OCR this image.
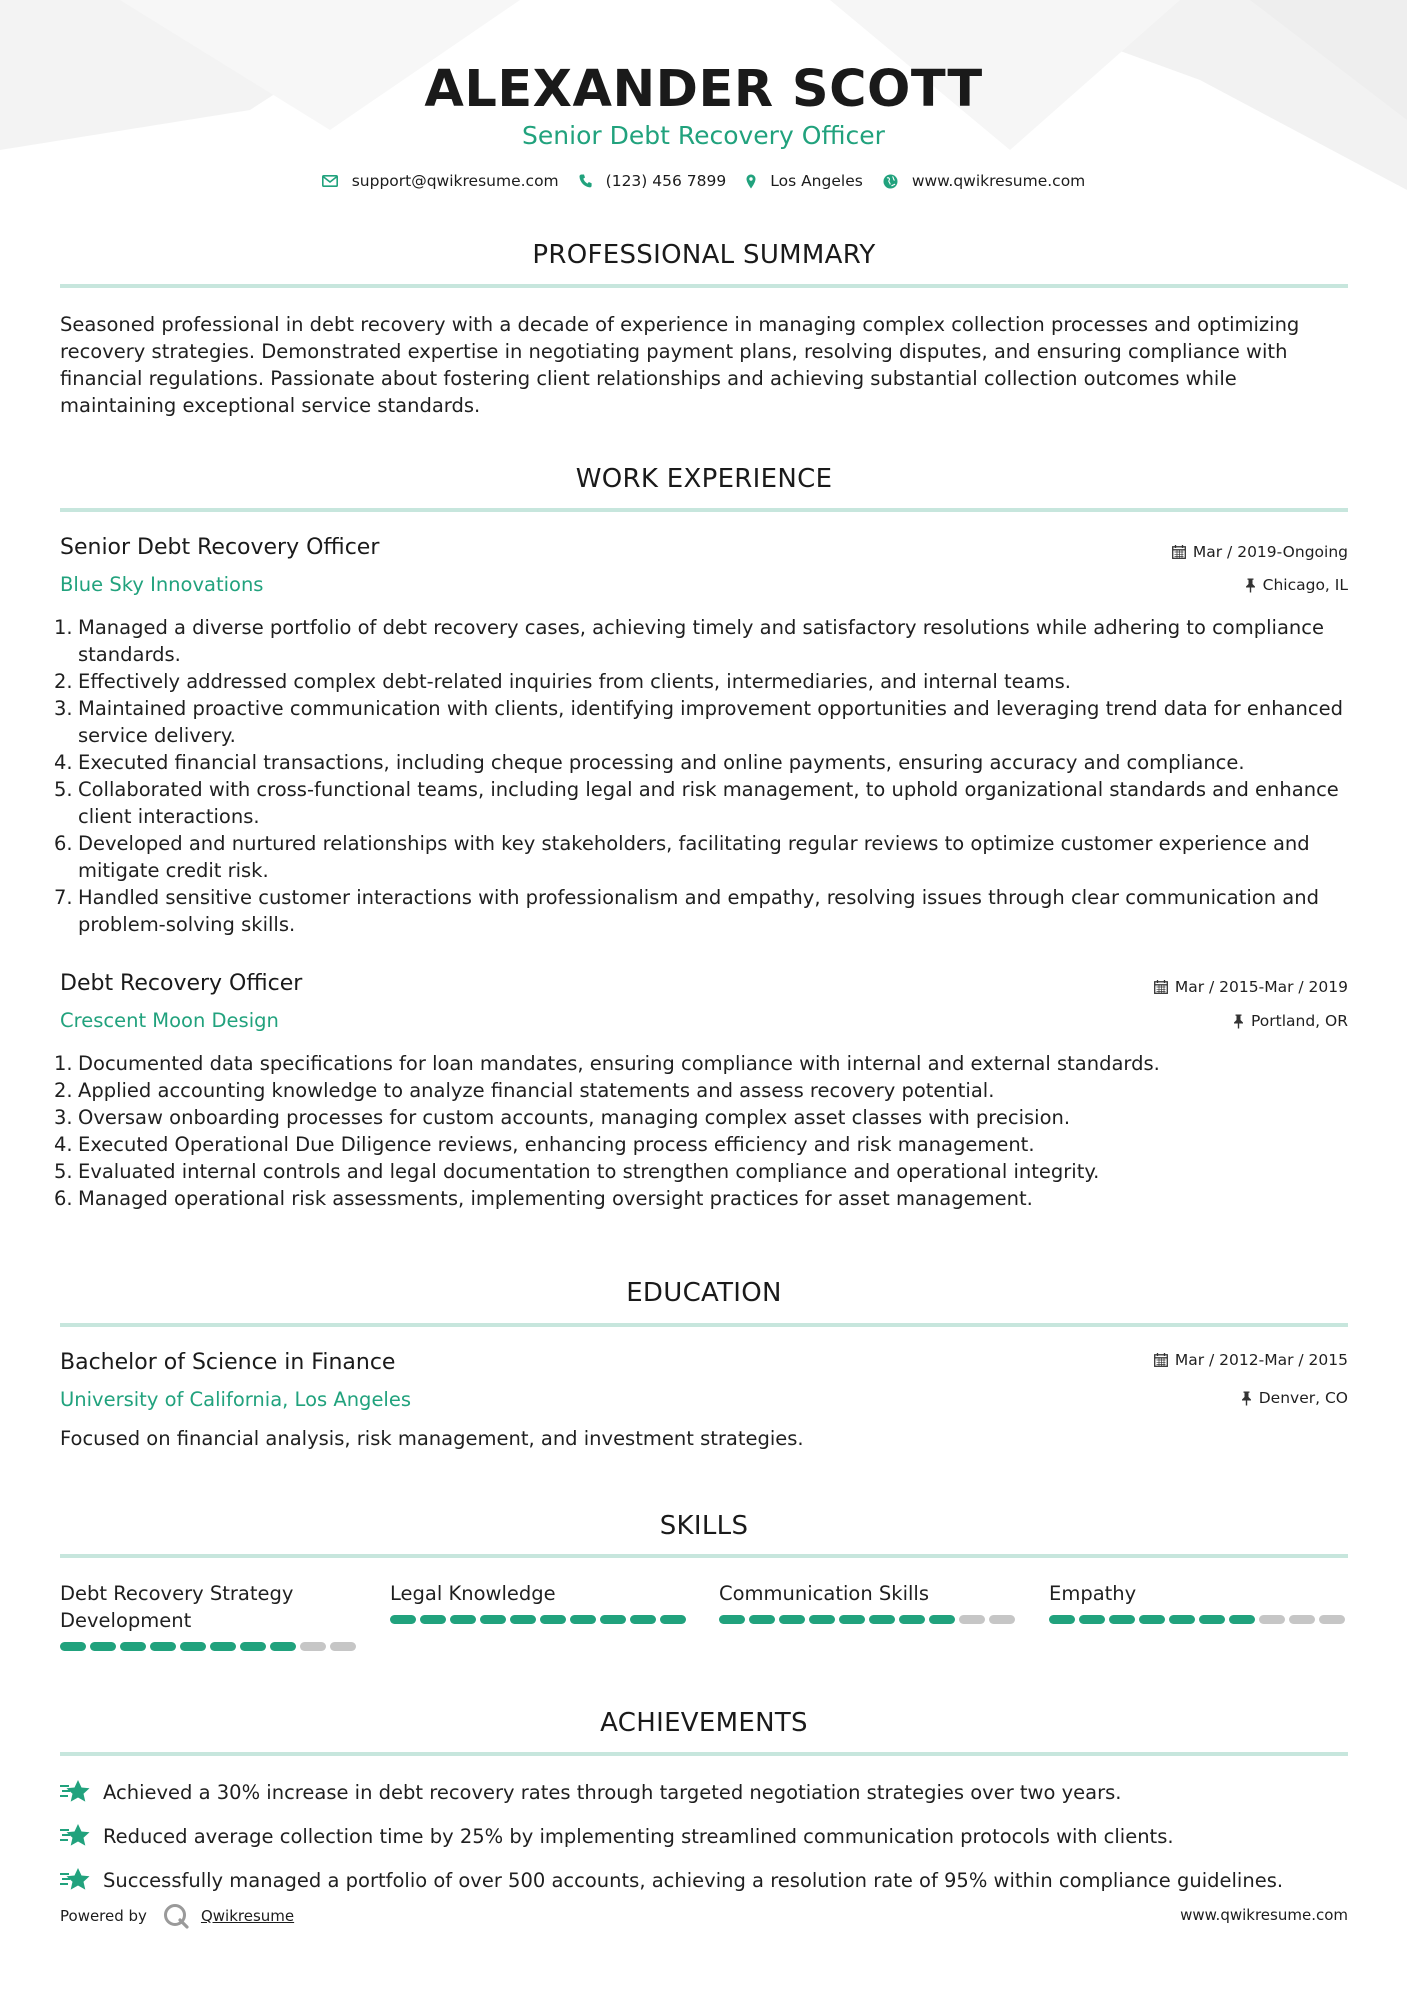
ALEXANDER SCOTT
Senior Debt Recovery Officer
support@qwikresume.com	(123) 456 7899	Los Angeles	www.qwikresume.com
PROFESSIONAL SUMMARY
Seasoned professional in debt recovery with a decade of experience in managing complex collection processes and optimizing recovery strategies. Demonstrated expertise in negotiating payment plans, resolving disputes, and ensuring compliance with financial regulations. Passionate about fostering client relationships and achieving substantial collection outcomes while maintaining exceptional service standards.
WORK EXPERIENCE
Senior Debt Recovery Officer	Mar / 2019-Ongoing
Blue Sky Innovations	Chicago, IL
1. Managed a diverse portfolio of debt recovery cases, achieving timely and satisfactory resolutions while adhering to compliance standards.
2. Effectively addressed complex debt-related inquiries from clients, intermediaries, and internal teams.
3. Maintained proactive communication with clients, identifying improvement opportunities and leveraging trend data for enhanced service delivery.
4. Executed financial transactions, including cheque processing and online payments, ensuring accuracy and compliance.
5. Collaborated with cross-functional teams, including legal and risk management, to uphold organizational standards and enhance client interactions.
6. Developed and nurtured relationships with key stakeholders, facilitating regular reviews to optimize customer experience and mitigate credit risk.
7. Handled sensitive customer interactions with professionalism and empathy, resolving issues through clear communication and problem-solving skills.
Debt Recovery Officer	Mar / 2015-Mar / 2019
Crescent Moon Design	Portland, OR
1. Documented data specifications for loan mandates, ensuring compliance with internal and external standards.
2. Applied accounting knowledge to analyze financial statements and assess recovery potential.
3. Oversaw onboarding processes for custom accounts, managing complex asset classes with precision.
4. Executed Operational Due Diligence reviews, enhancing process efficiency and risk management.
5. Evaluated internal controls and legal documentation to strengthen compliance and operational integrity.
6. Managed operational risk assessments, implementing oversight practices for asset management.
EDUCATION
Bachelor of Science in Finance	Mar / 2012-Mar / 2015
University of California, Los Angeles	Denver, CO
Focused on financial analysis, risk management, and investment strategies.
SKILLS
Debt Recovery Strategy Development
Legal Knowledge	Communication Skills	Empathy
ACHIEVEMENTS
Achieved a 30% increase in debt recovery rates through targeted negotiation strategies over two years.
Reduced average collection time by 25% by implementing streamlined communication protocols with clients.
Successfully managed a portfolio of over 500 accounts, achieving a resolution rate of 95% within compliance guidelines.
Powered by	Qwikresume	www.qwikresume.com
